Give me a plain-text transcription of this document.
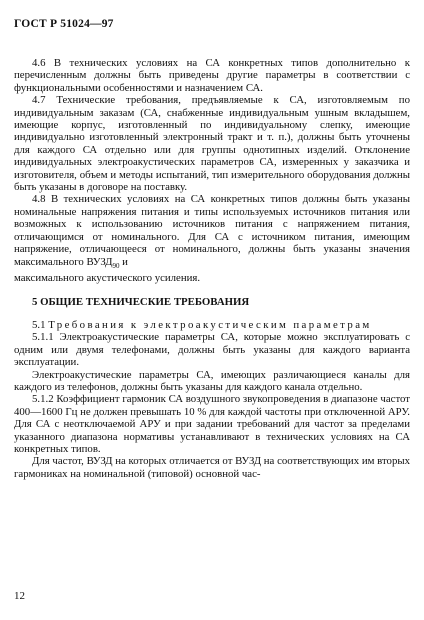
ГОСТ Р 51024—97

4.6 В технических условиях на СА конкретных типов дополнительно к перечисленным должны быть приведены другие параметры в соответствии с функциональными особенностями и назначением СА.

4.7 Технические требования, предъявляемые к СА, изготовляемым по индивидуальным заказам (СА, снабженные индивидуальным ушным вкладышем, имеющие корпус, изготовленный по индивидуальному слепку, имеющие индивидуально изготовленный электронный тракт и т. п.), должны быть уточнены для каждого СА отдельно или для группы однотипных изделий. Отклонение индивидуальных электроакустических параметров СА, измеренных у заказчика и изготовителя, объем и методы испытаний, тип измерительного оборудования должны быть указаны в договоре на поставку.

4.8 В технических условиях на СА конкретных типов должны быть указаны номинальные напряжения питания и типы используемых источников питания или возможных к использованию источников питания с напряжением питания, отличающимся от номинального. Для СА с источником питания, имеющим напряжение, отличающееся от номинального, должны быть указаны значения максимального $ВУЗД_{90}$ и

максимального акустического усиления.

5 ОБЩИЕ ТЕХНИЧЕСКИЕ ТРЕБОВАНИЯ

5.1 Требования к электроакустическим параметрам

5.1.1 Электроакустические параметры СА, которые можно эксплуатировать с одним или двумя телефонами, должны быть указаны для каждого варианта эксплуатации.

Электроакустические параметры СА, имеющих различающиеся каналы для каждого из телефонов, должны быть указаны для каждого канала отдельно.

5.1.2 Коэффициент гармоник СА воздушного звукопроведения в диапазоне частот 400—1600 Гц не должен превышать 10 % для каждой частоты при отключенной АРУ. Для СА с неотключаемой АРУ и при задании требований для частот за пределами указанного диапазона нормативы устанавливают в технических условиях на СА конкретных типов.

Для частот, ВУЗД на которых отличается от ВУЗД на соответствующих им вторых гармониках на номинальной (типовой) основной час-

12
